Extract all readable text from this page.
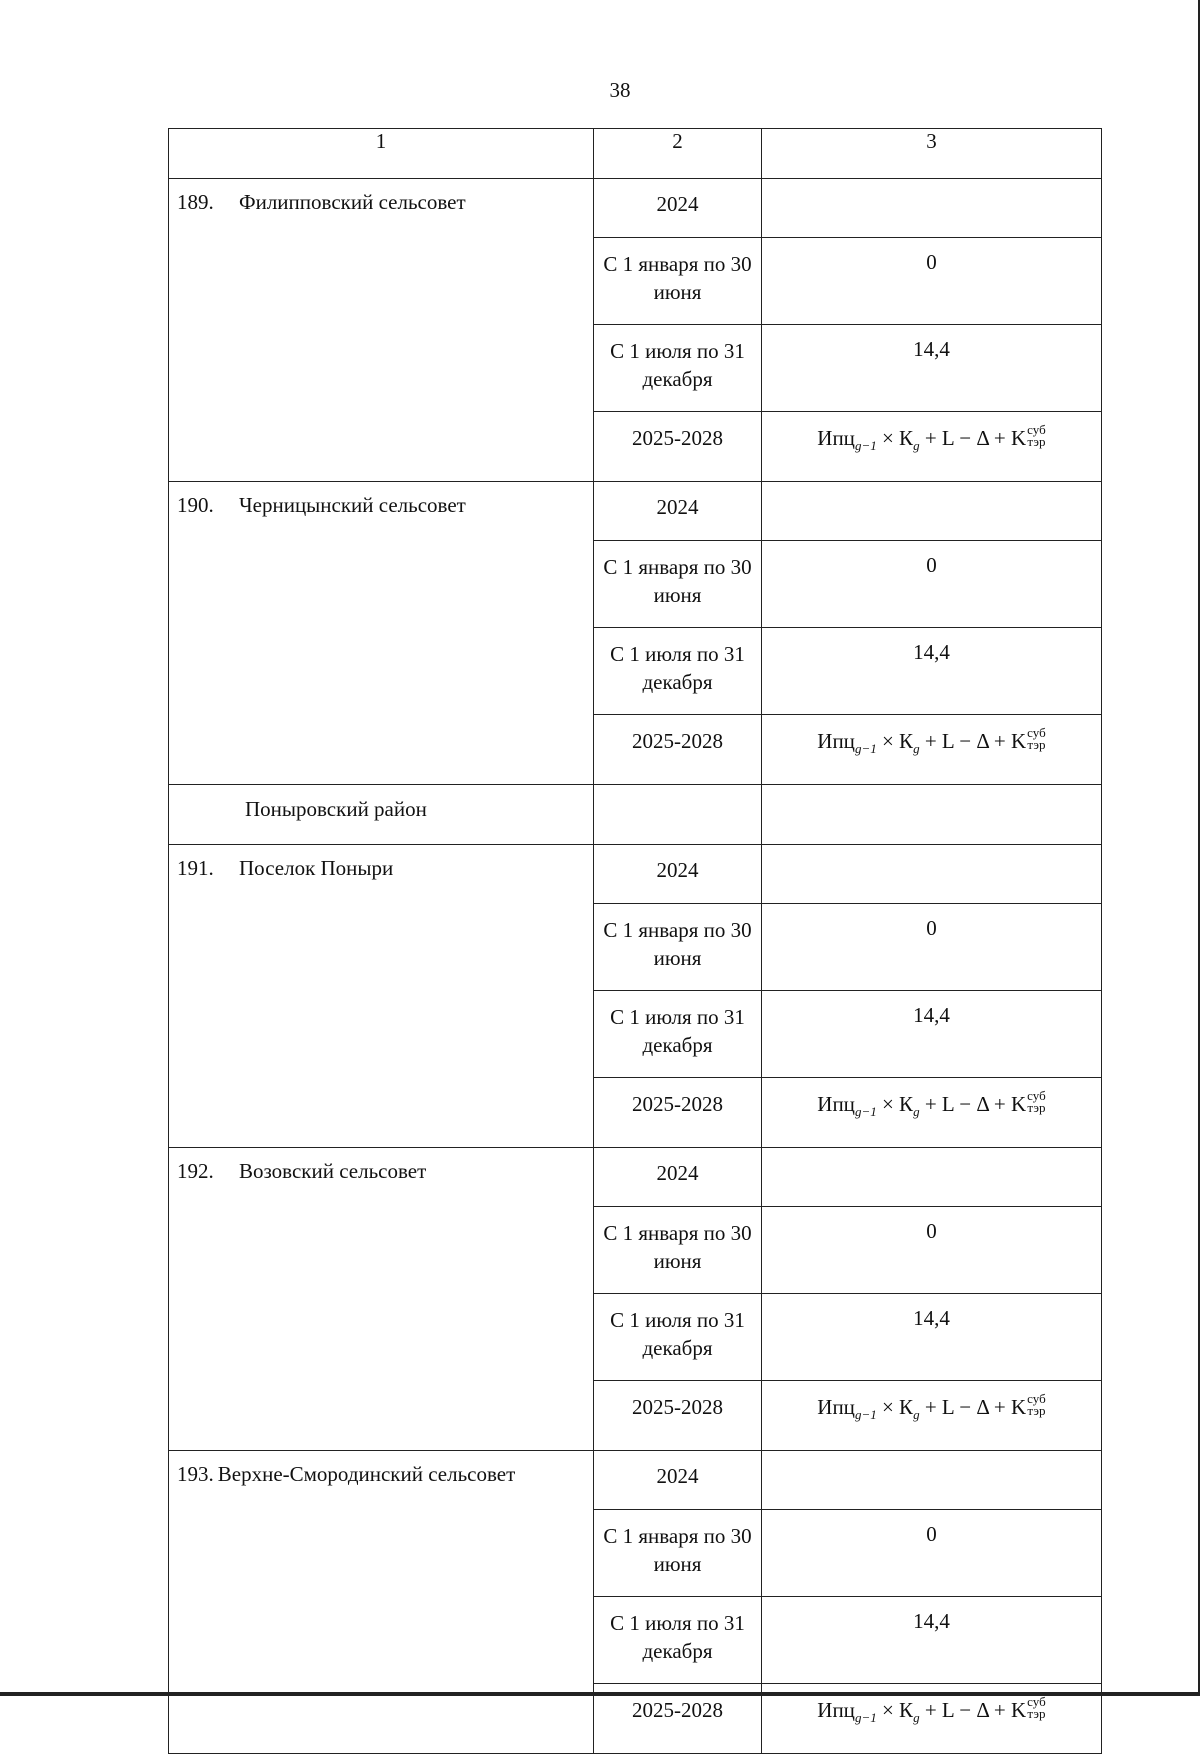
38
1	2	3
189. Филипповский сельсовет	2024	
	С 1 января по 30 июня	0
	С 1 июля по 31 декабря	14,4
	2025-2028	$Ипц_{g-1} \times К_g + L - \Delta + K$ суб
тэр

190. Черницынский сельсовет	2024	
	С 1 января по 30 июня	0
	С 1 июля по 31 декабря	14,4
	2025-2028	$Ипц_{g-1} \times К_g + L - \Delta + K$ суб
тэр

Поныровский район		
191. Поселок Поныри	2024	
	С 1 января по 30 июня	0
	С 1 июля по 31 декабря	14,4
	2025-2028	$Ипц_{g-1} \times К_g + L - \Delta + K$ суб
тэр

192. Возовский сельсовет	2024	
	С 1 января по 30 июня	0
	С 1 июля по 31 декабря	14,4
	2025-2028	$Ипц_{g-1} \times К_g + L - \Delta + K$ суб
тэр

193. Верхне-Смородинский сельсовет	2024	
	С 1 января по 30 июня	0
	С 1 июля по 31 декабря	14,4
	2025-2028	$Ипц_{g-1} \times К_g + L - \Delta + K$ суб
тэр
